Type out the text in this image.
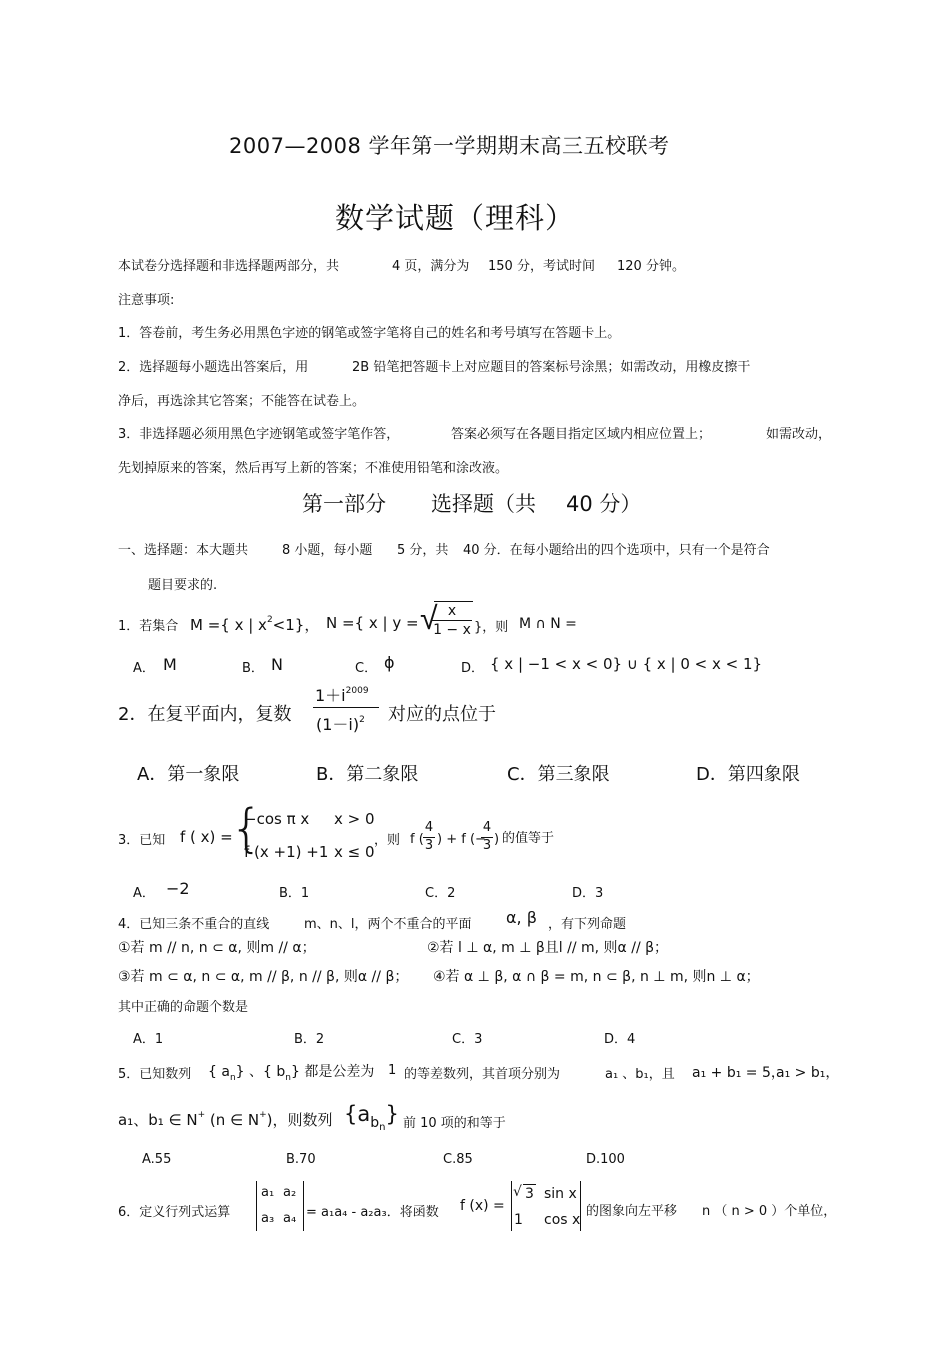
2007—2008 学年第一学期期末高三五校联考
数学试题（理科）
本试卷分选择题和非选择题两部分，共	4 页，满分为 150 分，考试时间 120 分钟。
注意事项:
1．答卷前，考生务必用黑色字迹的钢笔或签字笔将自己的姓名和考号填写在答题卡上。
2．选择题每小题选出答案后，用	2B 铅笔把答题卡上对应题目的答案标号涂黑；如需改动，用橡皮擦干
净后，再选涂其它答案；不能答在试卷上。
3．非选择题必须用黑色字迹钢笔或签字笔作答，	答案必须写在各题目指定区域内相应位置上；	如需改动，
先划掉原来的答案，然后再写上新的答案；不准使用铅笔和涂改液。
第一部分 选择题（共 40 分）
一、选择题：本大题共	8 小题，每小题 5 分，共 40 分．在每小题给出的四个选项中，只有一个是符合
题目要求的.
1．若集合 M ={ x | $x^2<1$}， N ={ x | y = √ x
1 − x }，则 M ∩ N =
A． M	B． N	C． ϕ	D． { x | −1 < x < 0} ∪ { x | 0 < x < 1}
2．在复平面内，复数
$1+i^{2009}$
$(1-i)^2$ 对应的点位于
A．第一象限	B．第二象限	C．第三象限	D．第四象限
3．已知 f ( x) =
{
−cos π x x > 0
f (x +1) +1 x ≤ 0
，则 f (
4
3 ) + f (−
4
3 ) 的值等于
A． −2	B．1	C．2	D．3
4．已知三条不重合的直线	m、n、l，两个不重合的平面 α, β ，有下列命题
①若 m // n, n ⊂ α, 则m // α；	②若 l ⊥ α, m ⊥ β且l // m, 则α // β；
③若 m ⊂ α, n ⊂ α, m // β, n // β, 则α // β； ④若 α ⊥ β, α ∩ β = m, n ⊂ β, n ⊥ m, 则n ⊥ α；
其中正确的命题个数是
A．1	B．2	C．3	D．4
5．已知数列 { $a_n$} 、{ $b_n$} 都是公差为 1 的等差数列，其首项分别为	a₁ 、b₁，且 a₁ + b₁ = 5，
a₁ > b₁，
a₁、b₁ ∈ N+ (n ∈ N+)，则数列 $\{a_{bn}\}$ 前 10 项的和等于
A.55	B.70	C.85	D.100
6．定义行列式运算
a₁ a₂
a₃ a₄ = a₁a₄ - a₂a₃．将函数 f (x) =
√ 3 sin x
1 cos x
的图象向左平移 n （ n > 0 ）个单位，
